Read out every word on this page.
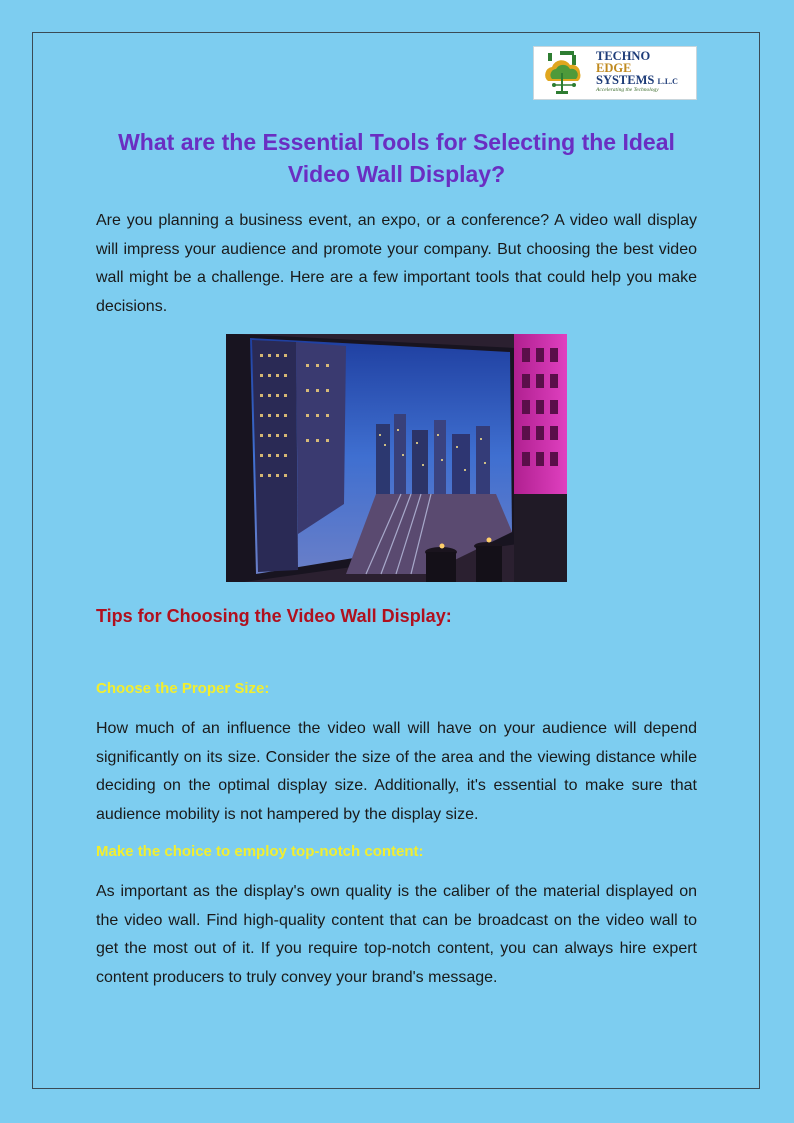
TECHNO
EDGE
SYSTEMS L.L.C
Accelerating the Technology
What are the Essential Tools for Selecting the Ideal Video Wall Display?

Are you planning a business event, an expo, or a conference? A video wall display will impress your audience and promote your company. But choosing the best video wall might be a challenge. Here are a few important tools that could help you make decisions.

Tips for Choosing the Video Wall Display:
Choose the Proper Size:

How much of an influence the video wall will have on your audience will depend significantly on its size. Consider the size of the area and the viewing distance while deciding on the optimal display size. Additionally, it's essential to make sure that audience mobility is not hampered by the display size.

Make the choice to employ top-notch content:

As important as the display's own quality is the caliber of the material displayed on the video wall. Find high-quality content that can be broadcast on the video wall to get the most out of it. If you require top-notch content, you can always hire expert content producers to truly convey your brand's message.
